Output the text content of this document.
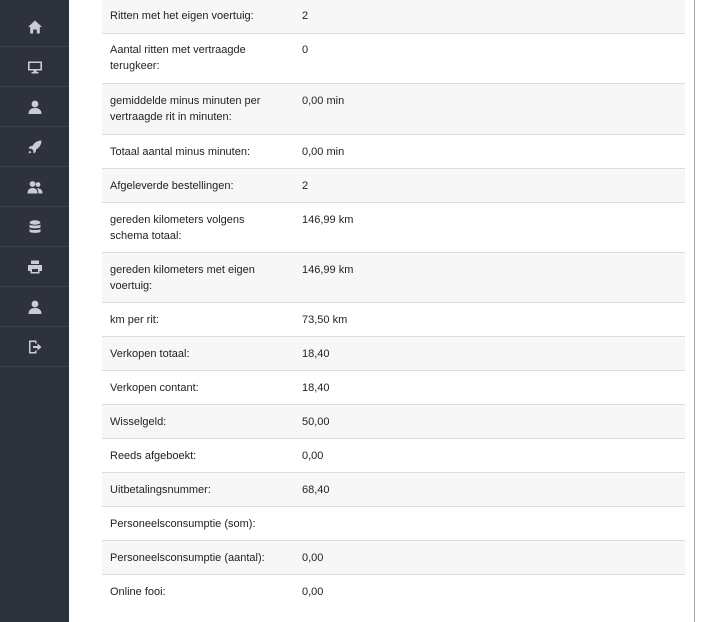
Ritten met het eigen voertuig:	2
Aantal ritten met vertraagde terugkeer:	0
gemiddelde minus minuten per vertraagde rit in minuten:	0,00 min
Totaal aantal minus minuten:	0,00 min
Afgeleverde bestellingen:	2
gereden kilometers volgens schema totaal:	146,99 km
gereden kilometers met eigen voertuig:	146,99 km
km per rit:	73,50 km
Verkopen totaal:	18,40
Verkopen contant:	18,40
Wisselgeld:	50,00
Reeds afgeboekt:	0,00
Uitbetalingsnummer:	68,40
Personeelsconsumptie (som):	
Personeelsconsumptie (aantal):	0,00
Online fooi:	0,00
